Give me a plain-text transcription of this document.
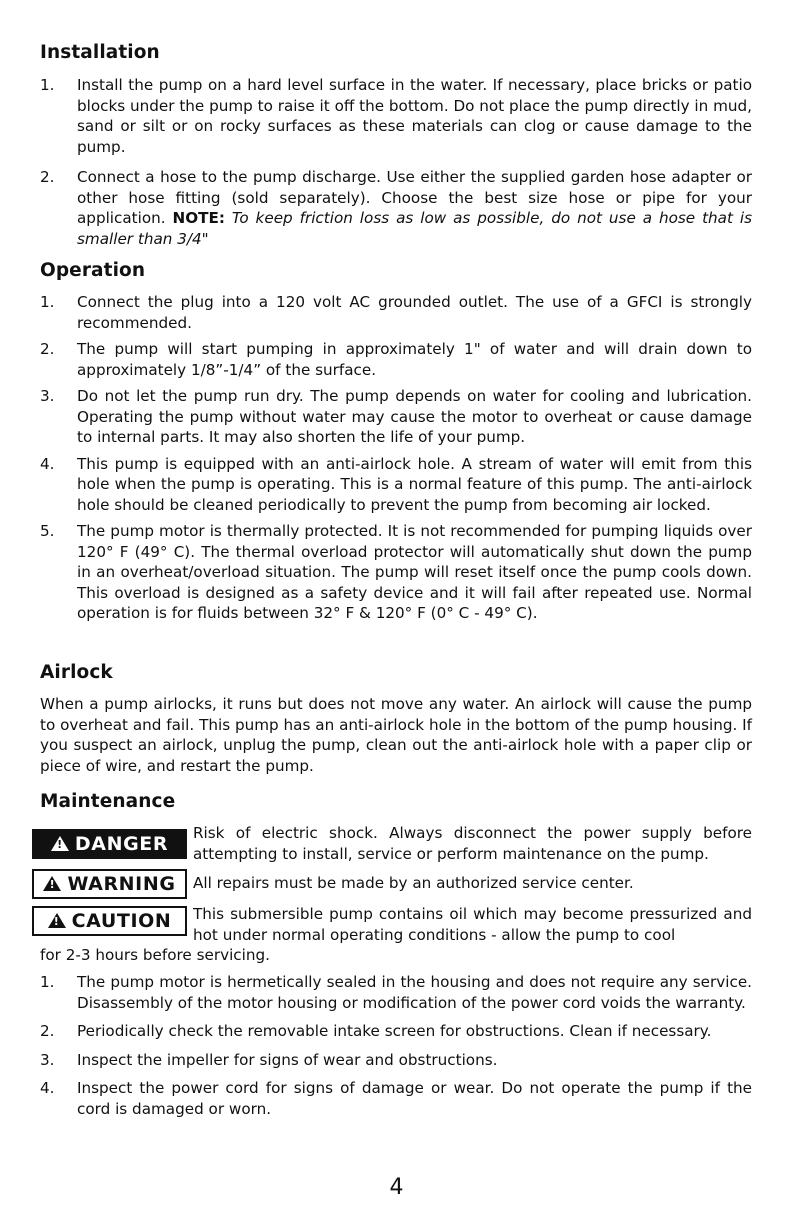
Installation
1. Install the pump on a hard level surface in the water. If necessary, place bricks or patio blocks under the pump to raise it off the bottom. Do not place the pump directly in mud, sand or silt or on rocky surfaces as these materials can clog or cause damage to the pump.
2. Connect a hose to the pump discharge. Use either the supplied garden hose adapter or other hose fitting (sold separately). Choose the best size hose or pipe for your application. NOTE: To keep friction loss as low as possible, do not use a hose that is smaller than 3/4"
Operation
1. Connect the plug into a 120 volt AC grounded outlet. The use of a GFCI is strongly recommended.
2. The pump will start pumping in approximately 1" of water and will drain down to approximately 1/8”-1/4” of the surface.
3. Do not let the pump run dry. The pump depends on water for cooling and lubrication. Operating the pump without water may cause the motor to overheat or cause damage to internal parts. It may also shorten the life of your pump.
4. This pump is equipped with an anti-airlock hole. A stream of water will emit from this hole when the pump is operating. This is a normal feature of this pump. The anti-airlock hole should be cleaned periodically to prevent the pump from becoming air locked.
5. The pump motor is thermally protected. It is not recommended for pumping liquids over 120° F (49° C). The thermal overload protector will automatically shut down the pump in an overheat/overload situation. The pump will reset itself once the pump cools down. This overload is designed as a safety device and it will fail after repeated use. Normal operation is for fluids between 32° F & 120° F (0° C - 49° C).
Airlock
When a pump airlocks, it runs but does not move any water. An airlock will cause the pump to overheat and fail. This pump has an anti-airlock hole in the bottom of the pump housing. If you suspect an airlock, unplug the pump, clean out the anti-airlock hole with a paper clip or piece of wire, and restart the pump.
Maintenance
! DANGER Risk of electric shock. Always disconnect the power supply before attempting to install, service or perform maintenance on the pump.
! WARNING All repairs must be made by an authorized service center.
! CAUTION This submersible pump contains oil which may become pressurized and hot under normal operating conditions - allow the pump to cool
for 2-3 hours before servicing.
1. The pump motor is hermetically sealed in the housing and does not require any service. Disassembly of the motor housing or modification of the power cord voids the warranty.
2. Periodically check the removable intake screen for obstructions. Clean if necessary.
3. Inspect the impeller for signs of wear and obstructions.
4. Inspect the power cord for signs of damage or wear. Do not operate the pump if the cord is damaged or worn.
4
